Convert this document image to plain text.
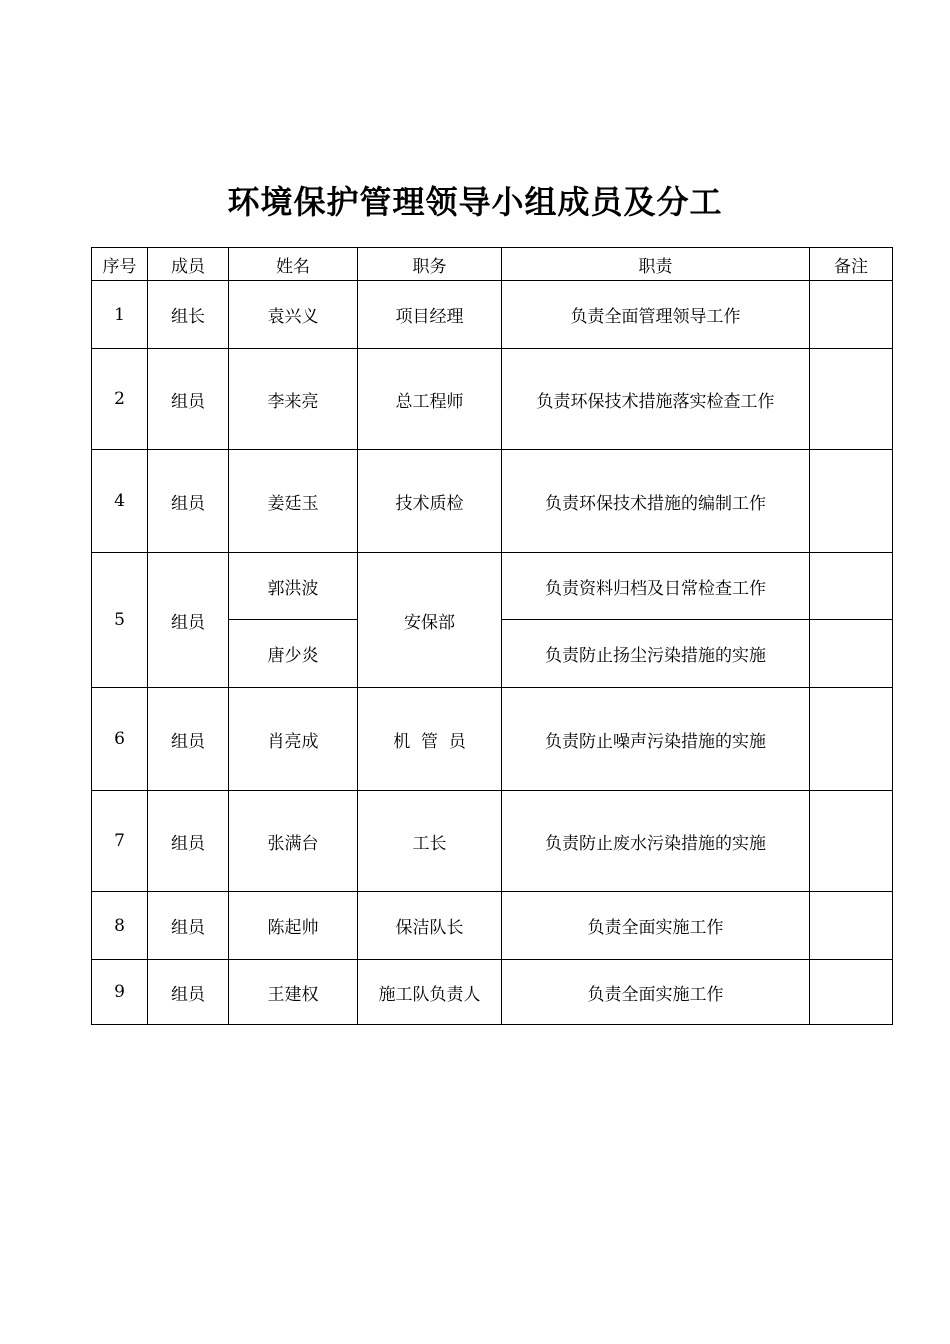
环境保护管理领导小组成员及分工
序号	成员	姓名	职务	职责	备注
1	组长	袁兴义	项目经理	负责全面管理领导工作	
2	组员	李来亮	总工程师	负责环保技术措施落实检查工作	
4	组员	姜廷玉	技术质检	负责环保技术措施的编制工作	
5	组员	郭洪波	安保部	负责资料归档及日常检查工作	
		唐少炎		负责防止扬尘污染措施的实施	
6	组员	肖亮成	机  管  员	负责防止噪声污染措施的实施	
7	组员	张满台	工长	负责防止废水污染措施的实施	
8	组员	陈起帅	保洁队长	负责全面实施工作	
9	组员	王建权	施工队负责人	负责全面实施工作	
